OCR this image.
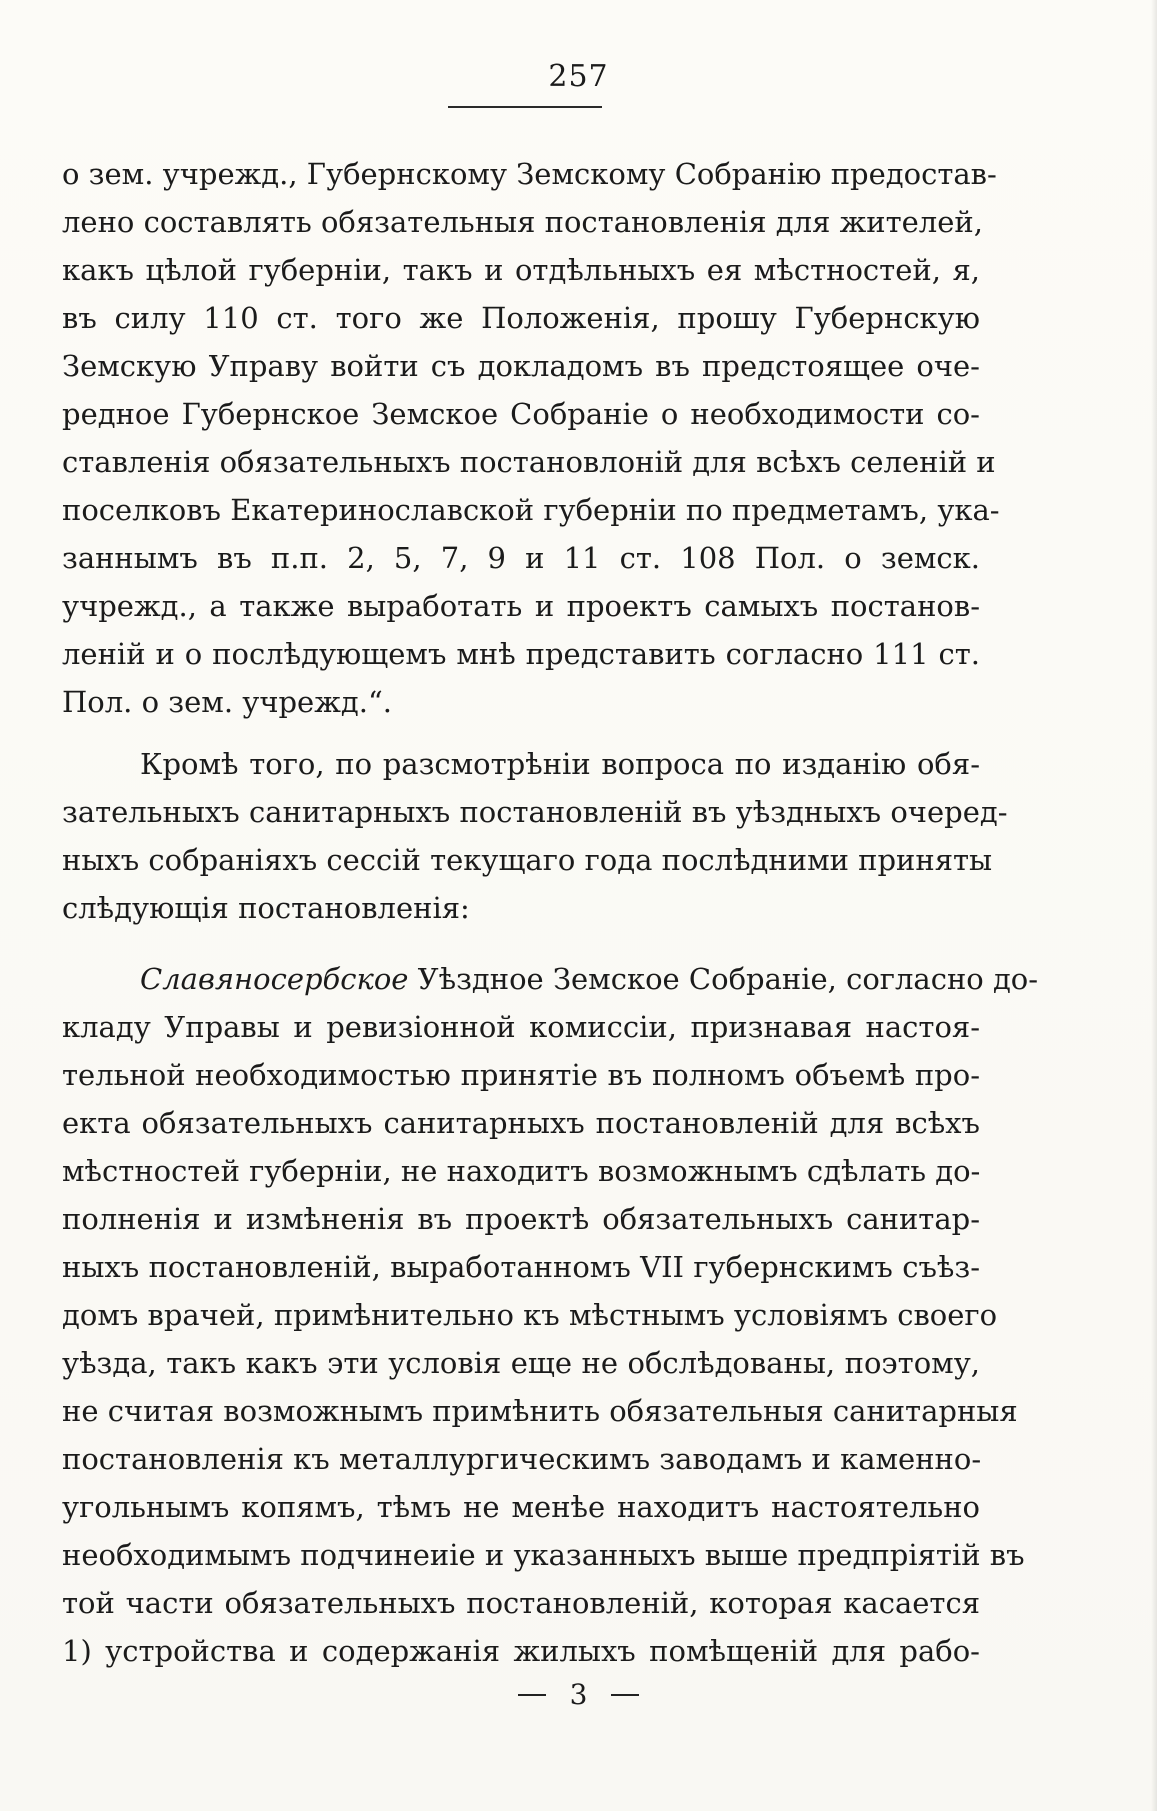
257
о зем. учрежд., Губернскому Земскому Собранію предостав-
лено составлять обязательныя постановленія для жителей,
какъ цѣлой губерніи, такъ и отдѣльныхъ ея мѣстностей, я,
въ силу 110 ст. того же Положенія, прошу Губернскую
Земскую Управу войти съ докладомъ въ предстоящее оче-
редное Губернское Земское Собраніе о необходимости со-
ставленія обязательныхъ постановлоній для всѣхъ селеній и
поселковъ Екатеринославской губерніи по предметамъ, ука-
заннымъ въ п.п. 2, 5, 7, 9 и 11 ст. 108 Пол. о земск.
учрежд., а также выработать и проектъ самыхъ постанов-
леній и о послѣдующемъ мнѣ представить согласно 111 ст.
Пол. о зем. учрежд.“.
Кромѣ того, по разсмотрѣніи вопроса по изданію обя-
зательныхъ санитарныхъ постановленій въ уѣздныхъ очеред-
ныхъ собраніяхъ сессій текущаго года послѣдними приняты
слѣдующія постановленія:
Славяносербское Уѣздное Земское Собраніе, согласно до-
кладу Управы и ревизіонной комиссіи, признавая настоя-
тельной необходимостью принятіе въ полномъ объемѣ про-
екта обязательныхъ санитарныхъ постановленій для всѣхъ
мѣстностей губерніи, не находитъ возможнымъ сдѣлать до-
полненія и измѣненія въ проектѣ обязательныхъ санитар-
ныхъ постановленій, выработанномъ VII губернскимъ съѣз-
домъ врачей, примѣнительно къ мѣстнымъ условіямъ своего
уѣзда, такъ какъ эти условія еще не обслѣдованы, поэтому,
не считая возможнымъ примѣнить обязательныя санитарныя
постановленія къ металлургическимъ заводамъ и каменно-
угольнымъ копямъ, тѣмъ не менѣе находитъ настоятельно
необходимымъ подчинеиіе и указанныхъ выше предпріятій въ
той части обязательныхъ постановленій, которая касается
1) устройства и содержанія жилыхъ помѣщеній для рабо-
3
